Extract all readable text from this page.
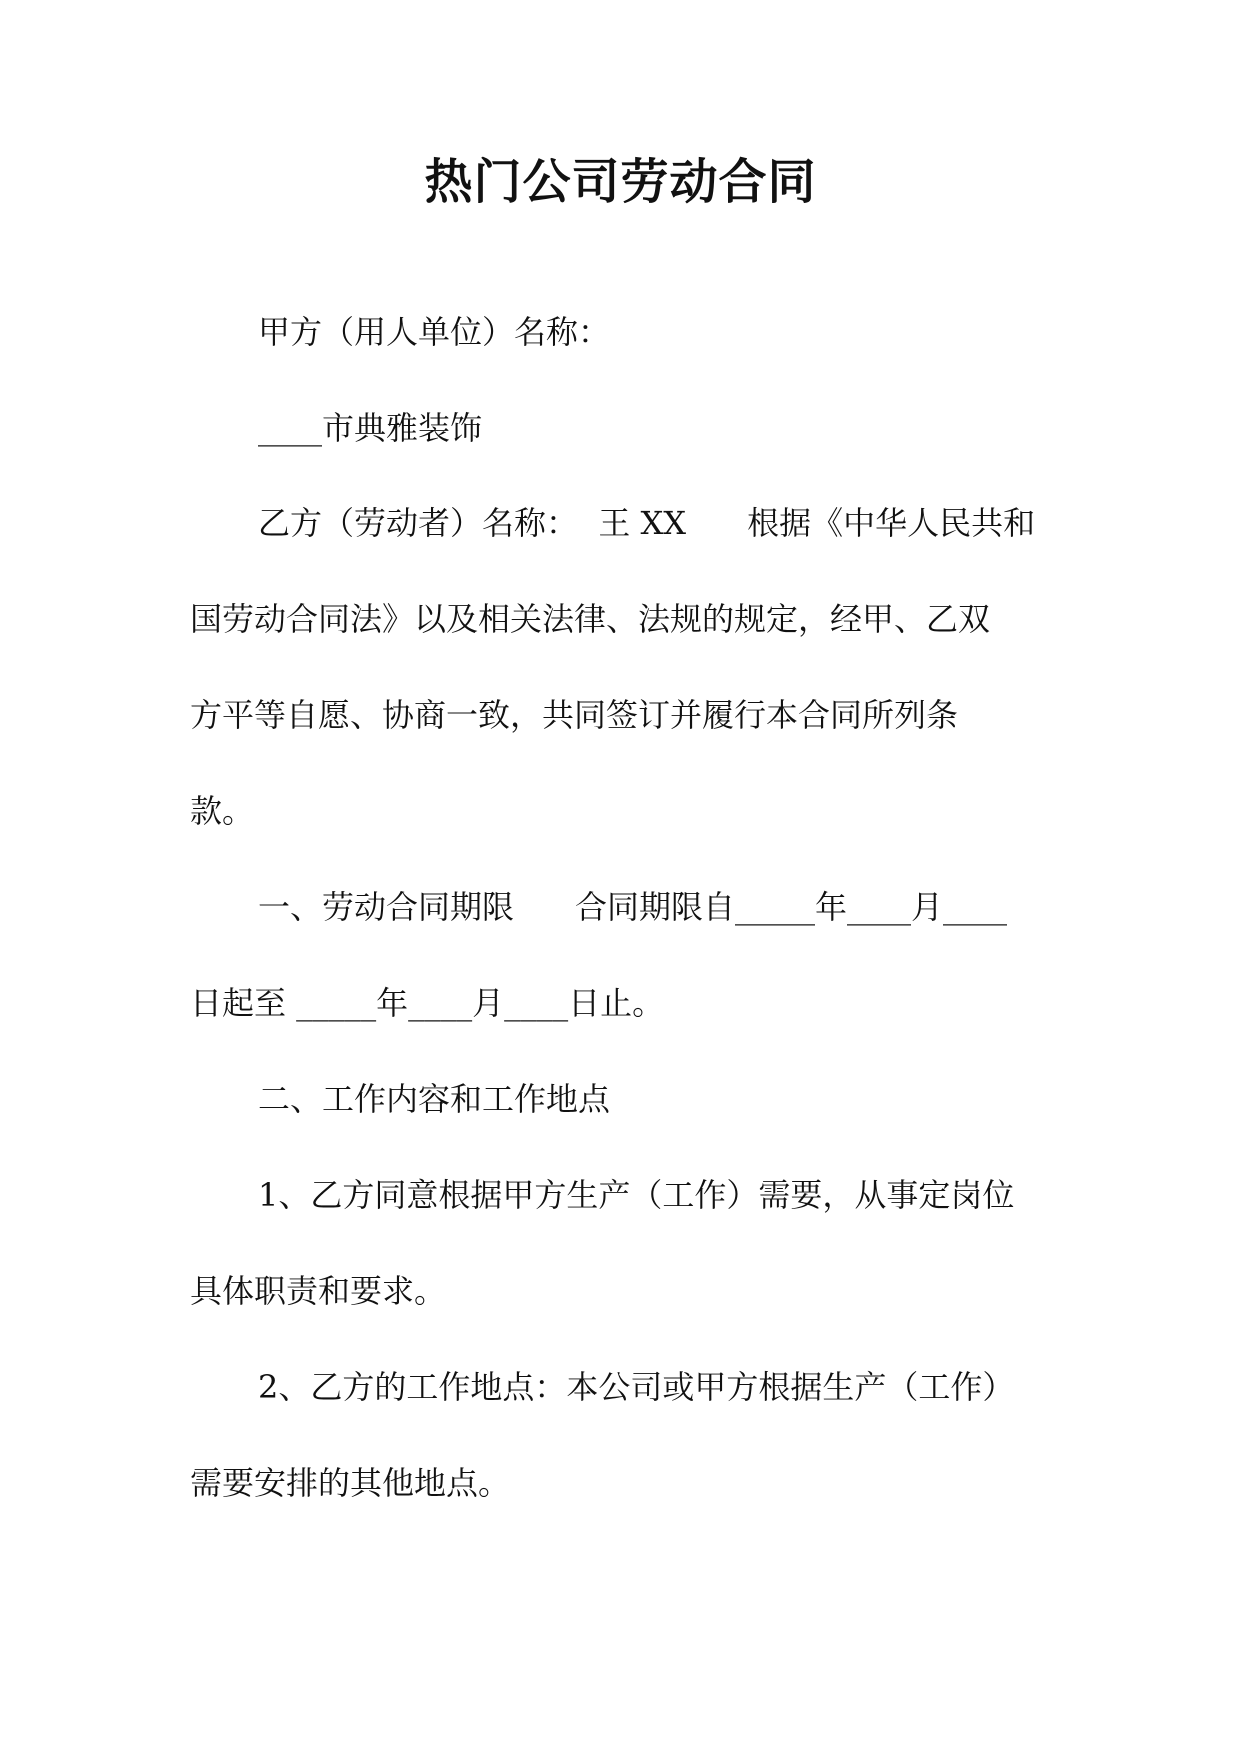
热门公司劳动合同

甲方（用人单位）名称：

____市典雅装饰

乙方（劳动者）名称：  王 XX      根据《中华人民共和

国劳动合同法》以及相关法律、法规的规定，经甲、乙双

方平等自愿、协商一致，共同签订并履行本合同所列条

款。

一、劳动合同期限      合同期限自_____年____月____

日起至 _____年____月____日止。

二、工作内容和工作地点

1、乙方同意根据甲方生产（工作）需要，从事定岗位

具体职责和要求。

2、乙方的工作地点：本公司或甲方根据生产（工作）

需要安排的其他地点。
